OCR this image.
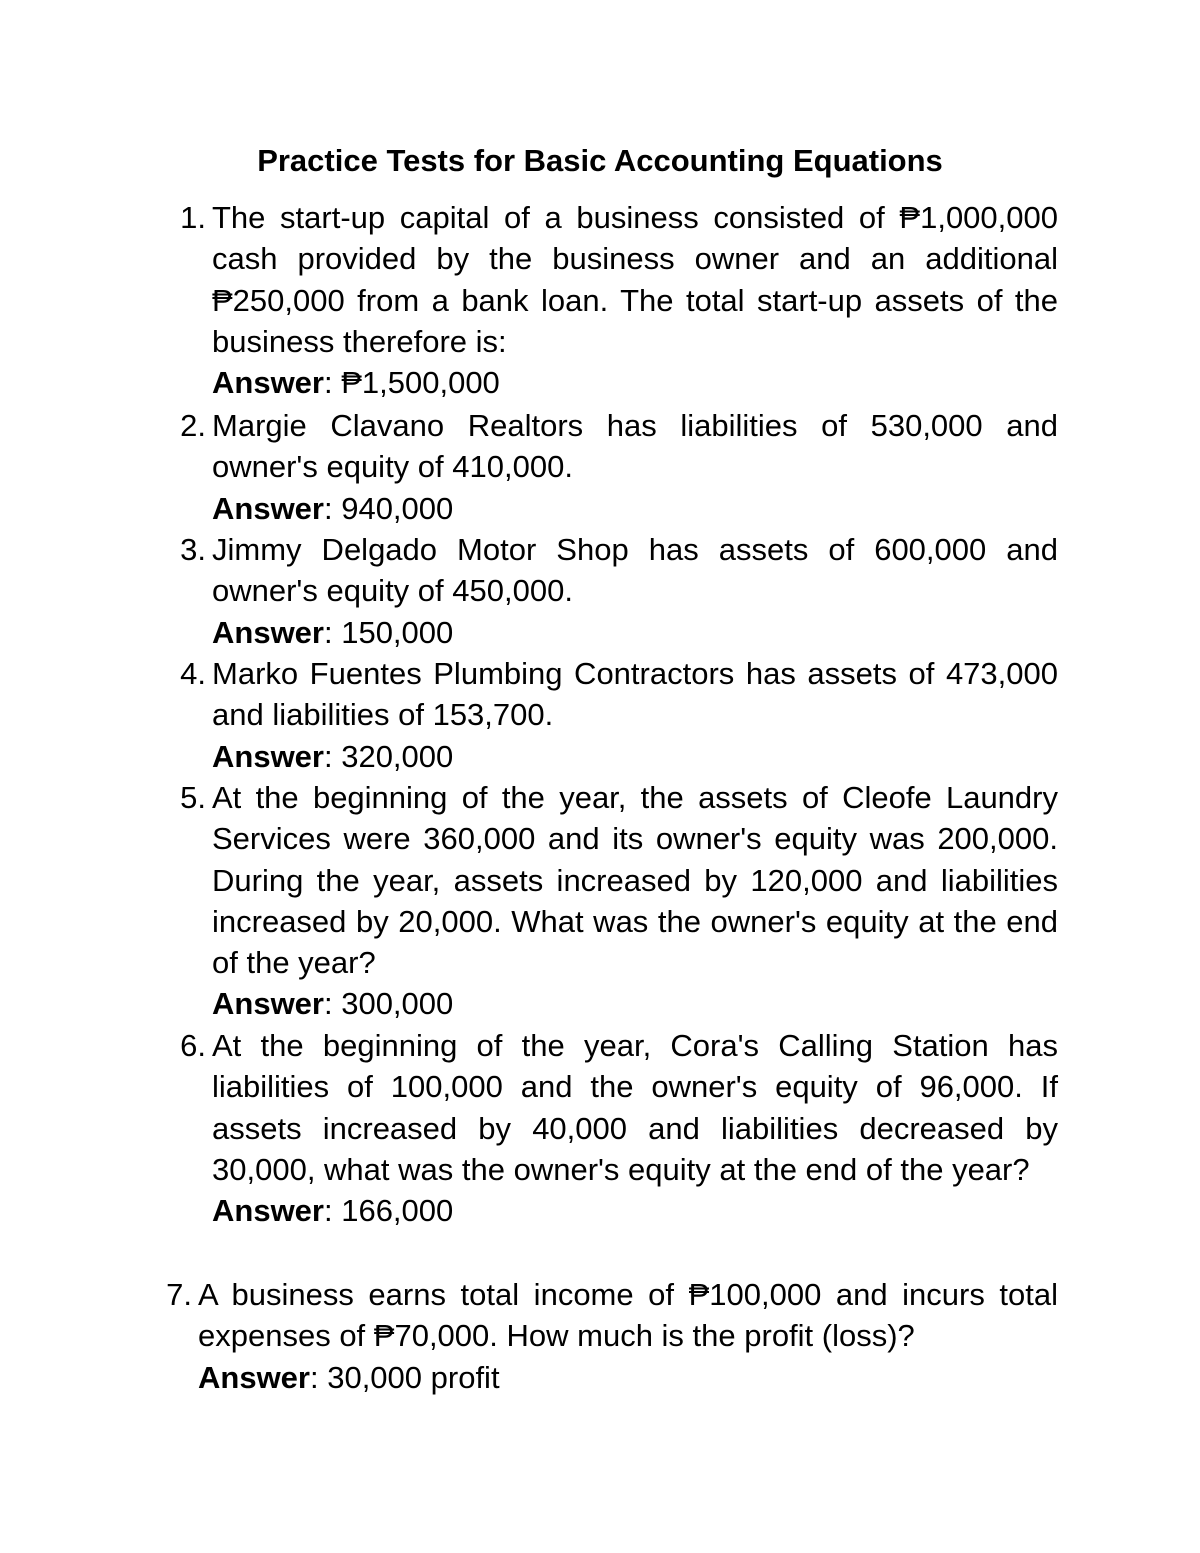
Practice Tests for Basic Accounting Equations
1. The start-up capital of a business consisted of ₱1,000,000 cash provided by the business owner and an additional ₱250,000 from a bank loan. The total start-up assets of the business therefore is:
Answer: ₱1,500,000
2. Margie Clavano Realtors has liabilities of 530,000 and owner's equity of 410,000.
Answer: 940,000
3. Jimmy Delgado Motor Shop has assets of 600,000 and owner's equity of 450,000.
Answer: 150,000
4. Marko Fuentes Plumbing Contractors has assets of 473,000 and liabilities of 153,700.
Answer: 320,000
5. At the beginning of the year, the assets of Cleofe Laundry Services were 360,000 and its owner's equity was 200,000. During the year, assets increased by 120,000 and liabilities increased by 20,000. What was the owner's equity at the end of the year?
Answer: 300,000
6. At the beginning of the year, Cora's Calling Station has liabilities of 100,000 and the owner's equity of 96,000. If assets increased by 40,000 and liabilities decreased by 30,000, what was the owner's equity at the end of the year?
Answer: 166,000
7. A business earns total income of ₱100,000 and incurs total expenses of ₱70,000. How much is the profit (loss)?
Answer: 30,000 profit
